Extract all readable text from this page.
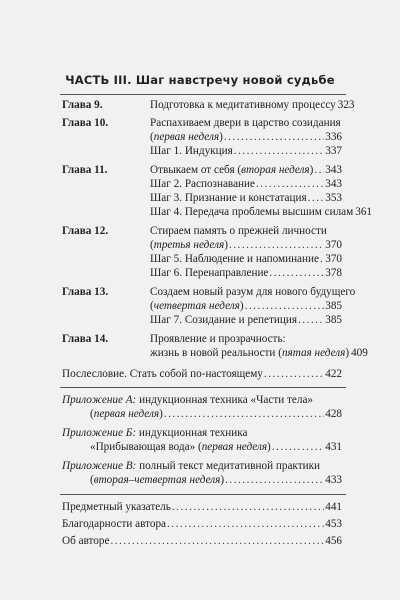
ЧАСТЬ III. Шаг навстречу новой судьбе
Глава 9.	Подготовка к медитативному процессу 323
Глава 10.	Распахиваем двери в царство созидания
(первая неделя) .....	336
Шаг 1. Индукция .....	337
Глава 11.	Отвыкаем от себя (вторая неделя) ..... 343
Шаг 2. Распознавание .....	343
Шаг 3. Признание и констатация ..... 353
Шаг 4. Передача проблемы высшим силам 361
Глава 12.	Стираем память о прежней личности
(третья неделя) .....	370
Шаг 5. Наблюдение и напоминание ..... 370
Шаг 6. Перенаправление .....	378
Глава 13.	Создаем новый разум для нового будущего
(четвертая неделя) .....	385
Шаг 7. Созидание и репетиция .....	385
Глава 14.	Проявление и прозрачность:
жизнь в новой реальности (пятая неделя) 409
Послесловие. Стать собой по-настоящему .....	422
Приложение А: индукционная техника «Части тела»
(первая неделя) .....	428
Приложение Б: индукционная техника
«Прибывающая вода» (первая неделя) .....	431
Приложение В: полный текст медитативной практики
(вторая–четвертая неделя) .....	433
Предметный указатель .....	441
Благодарности автора .....	453
Об авторе .....	456
